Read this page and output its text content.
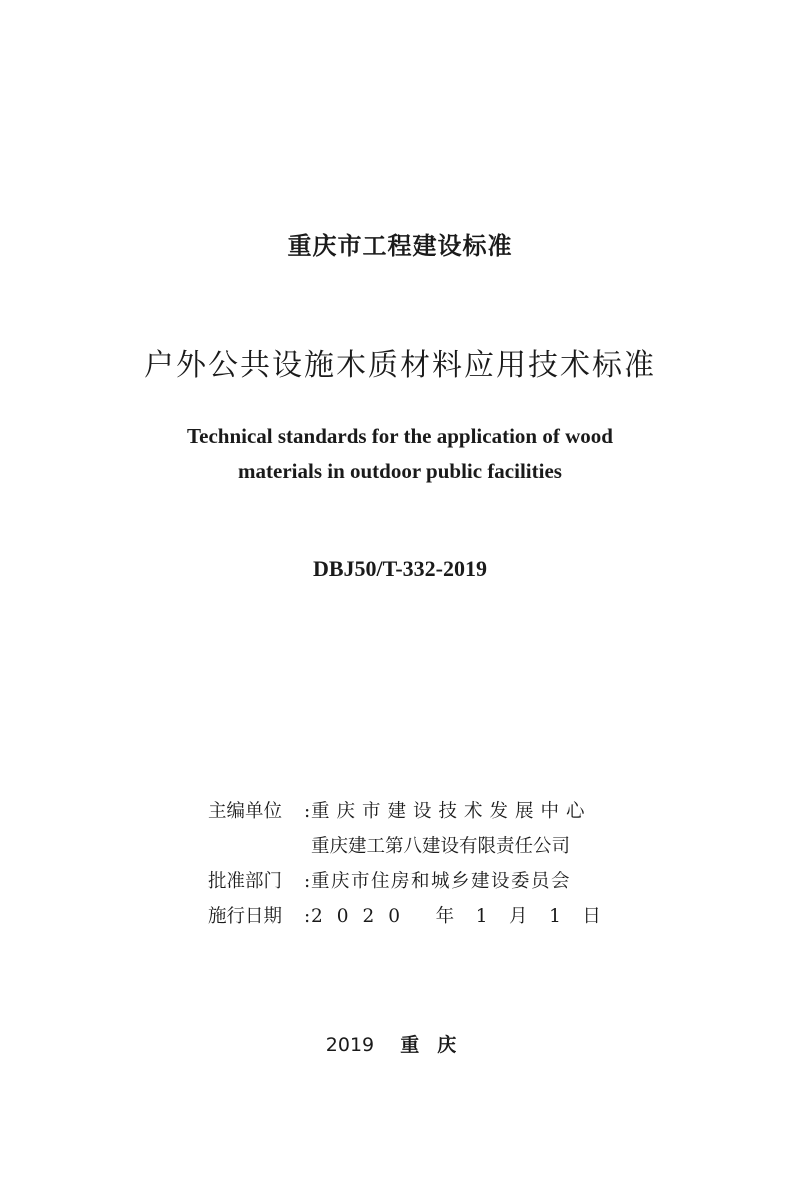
重庆市工程建设标准
户外公共设施木质材料应用技术标准
Technical standards for the application of wood
materials in outdoor public facilities
DBJ50/T-332-2019
主编单位	: 重庆市建设技术发展中心
重庆建工第八建设有限责任公司
批准部门	: 重庆市住房和城乡建设委员会
施行日期	: 2020 年 1 月 1 日
2019 重庆
